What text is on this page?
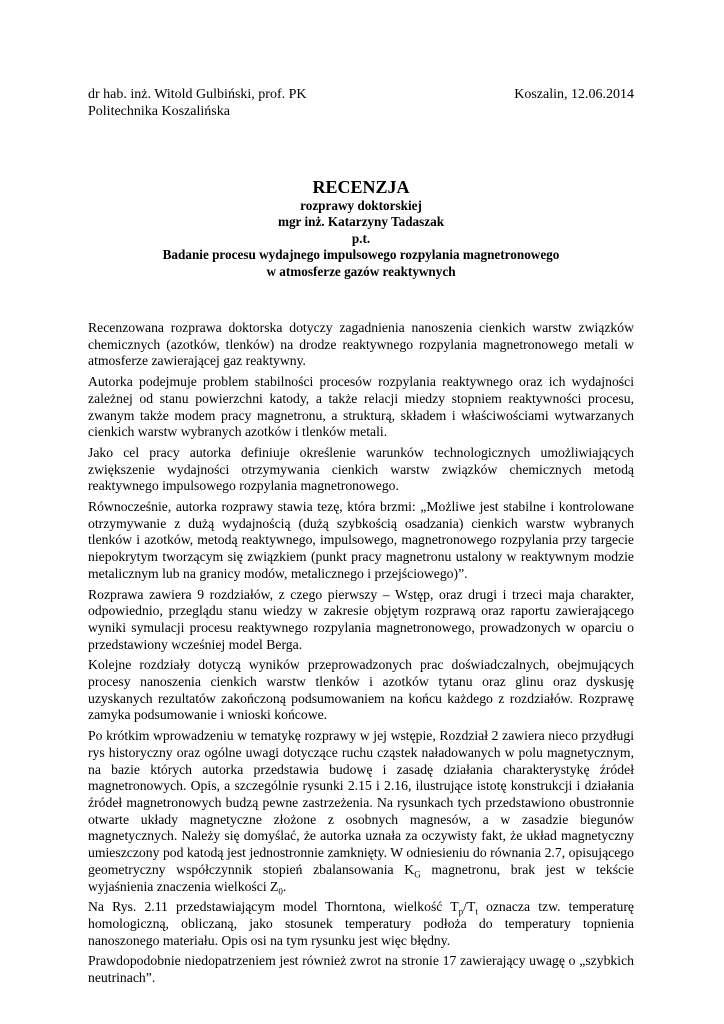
dr hab. inż. Witold Gulbiński, prof. PK	Koszalin, 12.06.2014
Politechnika Koszalińska
RECENZJA
rozprawy doktorskiej
mgr inż. Katarzyny Tadaszak
p.t.
Badanie procesu wydajnego impulsowego rozpylania magnetronowego
w atmosferze gazów reaktywnych

Recenzowana rozprawa doktorska dotyczy zagadnienia nanoszenia cienkich warstw związków chemicznych (azotków, tlenków) na drodze reaktywnego rozpylania magnetronowego metali w atmosferze zawierającej gaz reaktywny.

Autorka podejmuje problem stabilności procesów rozpylania reaktywnego oraz ich wydajności zależnej od stanu powierzchni katody, a także relacji miedzy stopniem reaktywności procesu, zwanym także modem pracy magnetronu, a strukturą, składem i właściwościami wytwarzanych cienkich warstw wybranych azotków i tlenków metali.

Jako cel pracy autorka definiuje określenie warunków technologicznych umożliwiających zwiększenie wydajności otrzymywania cienkich warstw związków chemicznych metodą reaktywnego impulsowego rozpylania magnetronowego.

Równocześnie, autorka rozprawy stawia tezę, która brzmi: „Możliwe jest stabilne i kontrolowane otrzymywanie z dużą wydajnością (dużą szybkością osadzania) cienkich warstw wybranych tlenków i azotków, metodą reaktywnego, impulsowego, magnetronowego rozpylania przy targecie niepokrytym tworzącym się związkiem (punkt pracy magnetronu ustalony w reaktywnym modzie metalicznym lub na granicy modów, metalicznego i przejściowego)”.

Rozprawa zawiera 9 rozdziałów, z czego pierwszy – Wstęp, oraz drugi i trzeci maja charakter, odpowiednio, przeglądu stanu wiedzy w zakresie objętym rozprawą oraz raportu zawierającego wyniki symulacji procesu reaktywnego rozpylania magnetronowego, prowadzonych w oparciu o przedstawiony wcześniej model Berga.

Kolejne rozdziały dotyczą wyników przeprowadzonych prac doświadczalnych, obejmujących procesy nanoszenia cienkich warstw tlenków i azotków tytanu oraz glinu oraz dyskusję uzyskanych rezultatów zakończoną podsumowaniem na końcu każdego z rozdziałów. Rozprawę zamyka podsumowanie i wnioski końcowe.

Po krótkim wprowadzeniu w tematykę rozprawy w jej wstępie, Rozdział 2 zawiera nieco przydługi rys historyczny oraz ogólne uwagi dotyczące ruchu cząstek naładowanych w polu magnetycznym, na bazie których autorka przedstawia budowę i zasadę działania charakterystykę źródeł magnetronowych. Opis, a szczególnie rysunki 2.15 i 2.16, ilustrujące istotę konstrukcji i działania źródeł magnetronowych budzą pewne zastrzeżenia. Na rysunkach tych przedstawiono obustronnie otwarte układy magnetyczne złożone z osobnych magnesów, a w zasadzie biegunów magnetycznych. Należy się domyślać, że autorka uznała za oczywisty fakt, że układ magnetyczny umieszczony pod katodą jest jednostronnie zamknięty. W odniesieniu do równania 2.7, opisującego geometryczny współczynnik stopień zbalansowania $K_G$ magnetronu, brak jest w tekście wyjaśnienia znaczenia wielkości $Z_0$.

Na Rys. 2.11 przedstawiającym model Thorntona, wielkość $T_p/T_t$ oznacza tzw. temperaturę homologiczną, obliczaną, jako stosunek temperatury podłoża do temperatury topnienia nanoszonego materiału. Opis osi na tym rysunku jest więc błędny.

Prawdopodobnie niedopatrzeniem jest również zwrot na stronie 17 zawierający uwagę o „szybkich neutrinach”.
